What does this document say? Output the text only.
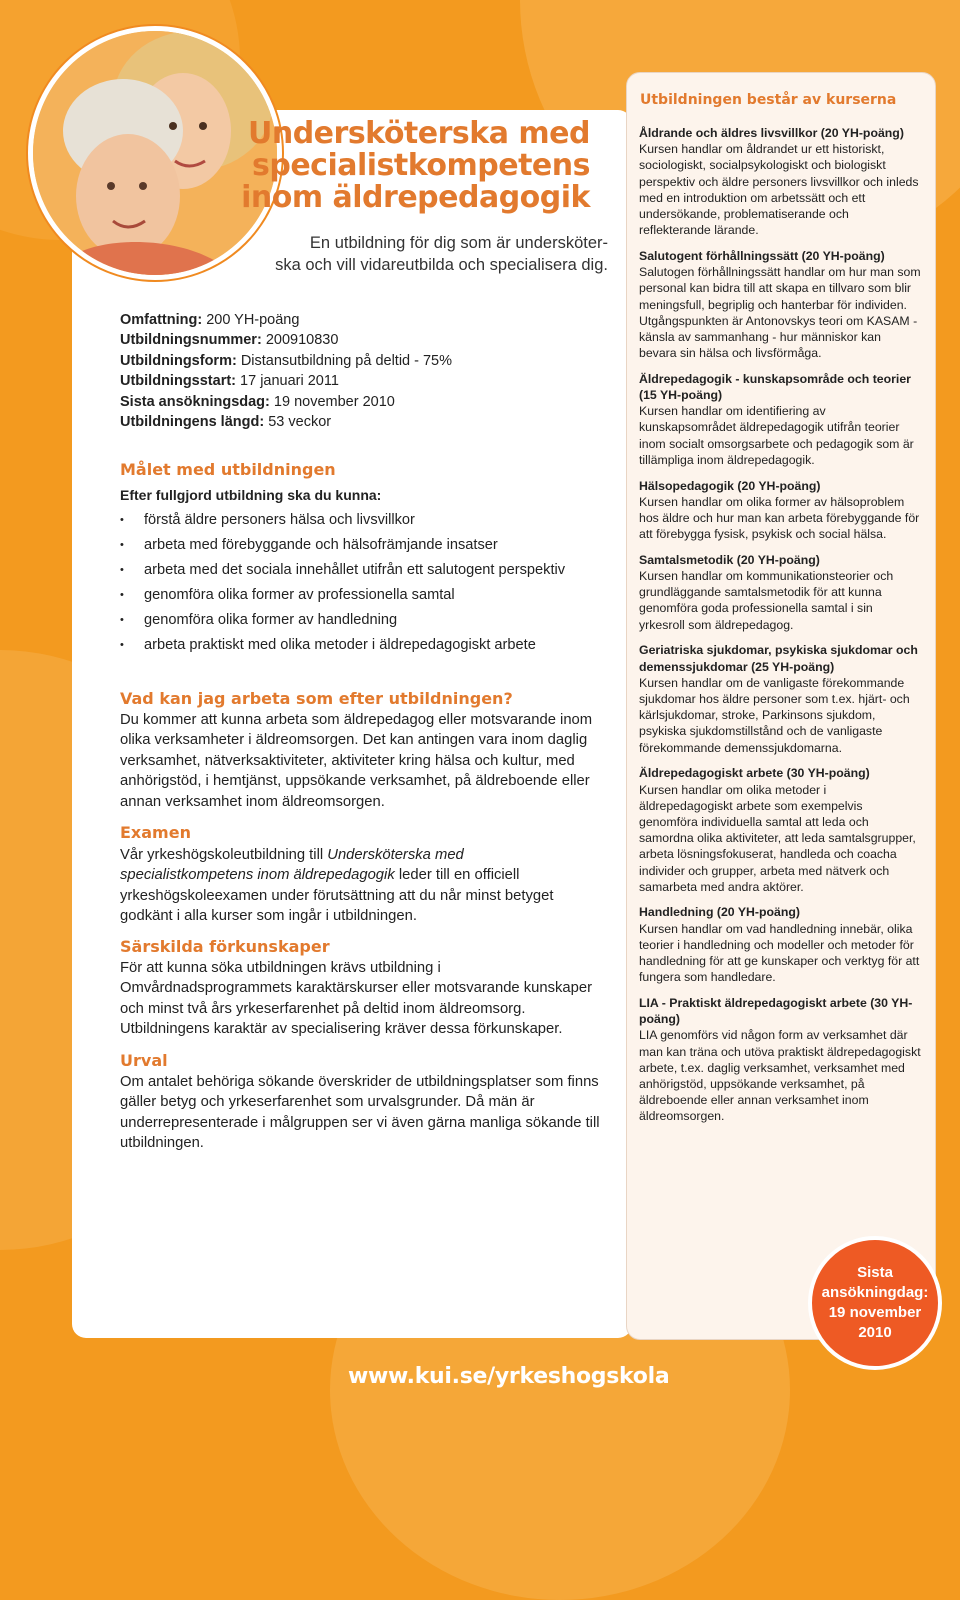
Undersköterska med
specialistkompetens
inom äldrepedagogik

En utbildning för dig som är undersköter-
ska och vill vidareutbilda och specialisera dig.

Omfattning: 200 YH-poäng
Utbildningsnummer: 200910830
Utbildningsform: Distansutbildning på deltid - 75%
Utbildningsstart: 17 januari 2011
Sista ansökningsdag: 19 november 2010
Utbildningens längd: 53 veckor
Målet med utbildningen
Efter fullgjord utbildning ska du kunna:
• förstå äldre personers hälsa och livsvillkor
• arbeta med förebyggande och hälsofrämjande insatser
• arbeta med det sociala innehållet utifrån ett salutogent perspektiv
• genomföra olika former av professionella samtal
• genomföra olika former av handledning
• arbeta praktiskt med olika metoder i äldrepedagogiskt arbete
Vad kan jag arbeta som efter utbildningen?

Du kommer att kunna arbeta som äldrepedagog eller motsvarande inom olika verksamheter i äldreomsorgen. Det kan antingen vara inom daglig verksamhet, nätverksaktiviteter, aktiviteter kring hälsa och kultur, med anhörigstöd, i hemtjänst, uppsökande verksamhet, på äldreboende eller annan verksamhet inom äldreomsorgen.

Examen

Vår yrkeshögskoleutbildning till Undersköterska med specialistkompetens inom äldrepedagogik leder till en officiell yrkeshögskoleexamen under förutsättning att du når minst betyget godkänt i alla kurser som ingår i utbildningen.

Särskilda förkunskaper

För att kunna söka utbildningen krävs utbildning i Omvårdnadsprogrammets karaktärskurser eller motsvarande kunskaper och minst två års yrkeserfarenhet på deltid inom äldreomsorg. Utbildningens karaktär av specialisering kräver dessa förkunskaper.

Urval

Om antalet behöriga sökande överskrider de utbildningsplatser som finns gäller betyg och yrkeserfarenhet som urvalsgrunder. Då män är underrepresenterade i målgruppen ser vi även gärna manliga sökande till utbildningen.

Utbildningen består av kurserna
Åldrande och äldres livsvillkor (20 YH-poäng)
Kursen handlar om åldrandet ur ett historiskt, sociologiskt, socialpsykologiskt och biologiskt perspektiv och äldre personers livsvillkor och inleds med en introduktion om arbetssätt och ett undersökande, problematiserande och reflekterande lärande.
Salutogent förhållningssätt (20 YH-poäng)
Salutogen förhållningssätt handlar om hur man som personal kan bidra till att skapa en tillvaro som blir meningsfull, begriplig och hanterbar för individen. Utgångspunkten är Antonovskys teori om KASAM - känsla av sammanhang - hur människor kan bevara sin hälsa och livsförmåga.
Äldrepedagogik - kunskapsområde och teorier (15 YH-poäng)
Kursen handlar om identifiering av kunskapsområdet äldrepedagogik utifrån teorier inom socialt omsorgsarbete och pedagogik som är tillämpliga inom äldrepedagogik.
Hälsopedagogik (20 YH-poäng)
Kursen handlar om olika former av hälsoproblem hos äldre och hur man kan arbeta förebyggande för att förebygga fysisk, psykisk och social hälsa.
Samtalsmetodik (20 YH-poäng)
Kursen handlar om kommunikationsteorier och grundläggande samtalsmetodik för att kunna genomföra goda professionella samtal i sin yrkesroll som äldrepedagog.
Geriatriska sjukdomar, psykiska sjukdomar och demenssjukdomar (25 YH-poäng)
Kursen handlar om de vanligaste förekommande sjukdomar hos äldre personer som t.ex. hjärt- och kärlsjukdomar, stroke, Parkinsons sjukdom, psykiska sjukdomstillstånd och de vanligaste förekommande demenssjukdomarna.
Äldrepedagogiskt arbete (30 YH-poäng)
Kursen handlar om olika metoder i äldrepedagogiskt arbete som exempelvis genomföra individuella samtal att leda och samordna olika aktiviteter, att leda samtalsgrupper, arbeta lösningsfokuserat, handleda och coacha individer och grupper, arbeta med nätverk och samarbeta med andra aktörer.
Handledning (20 YH-poäng)
Kursen handlar om vad handledning innebär, olika teorier i handledning och modeller och metoder för handledning för att ge kunskaper och verktyg för att fungera som handledare.
LIA - Praktiskt äldrepedagogiskt arbete (30 YH-poäng)
LIA genomförs vid någon form av verksamhet där man kan träna och utöva praktiskt äldrepedagogiskt arbete, t.ex. daglig verksamhet, verksamhet med anhörigstöd, uppsökande verksamhet, på äldreboende eller annan verksamhet inom äldreomsorgen.
Sista
ansökningdag:
19 november
2010
www.kui.se/yrkeshogskola
